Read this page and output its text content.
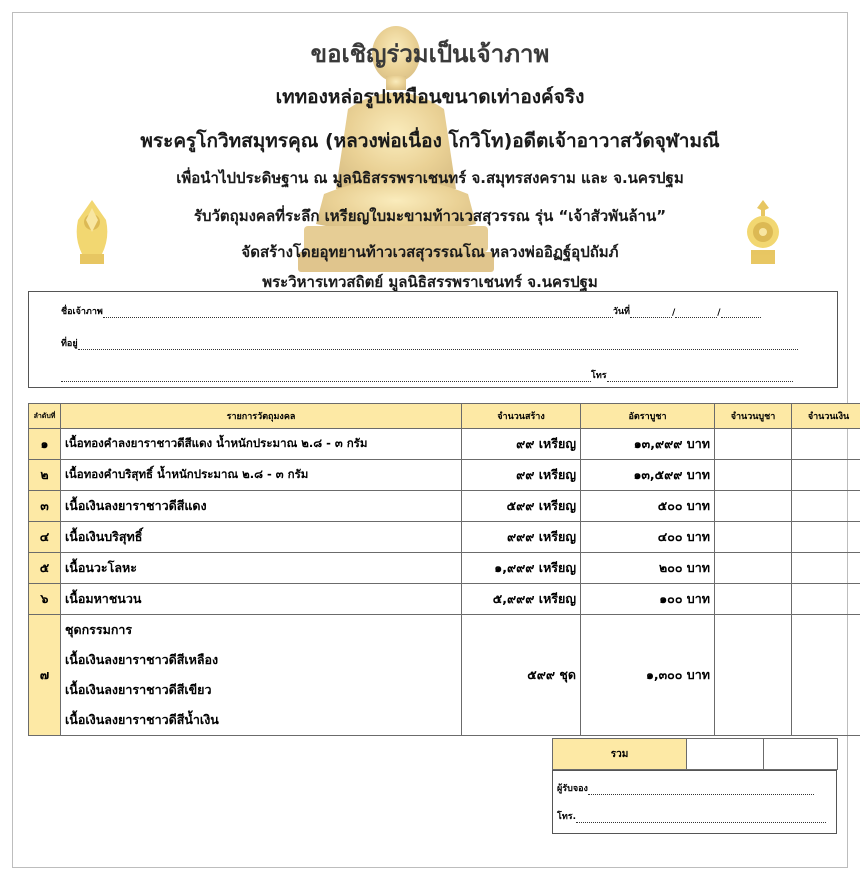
ขอเชิญร่วมเป็นเจ้าภาพ
เททองหล่อรูปเหมือนขนาดเท่าองค์จริง
พระครูโกวิทสมุทรคุณ (หลวงพ่อเนื่อง โกวิโท)อดีตเจ้าอาวาสวัดจุฬามณี
เพื่อนำไปประดิษฐาน ณ มูลนิธิสรรพราเชนทร์ จ.สมุทรสงคราม และ จ.นครปฐม
รับวัตถุมงคลที่ระลึก เหรียญใบมะขามท้าวเวสสุวรรณ รุ่น “เจ้าสัวพันล้าน”
จัดสร้างโดยอุทยานท้าวเวสสุวรรณโณ หลวงพ่ออิฏฐ์อุปถัมภ์
พระวิหารเทวสถิตย์ มูลนิธิสรรพราเชนทร์ จ.นครปฐม
ชื่อเจ้าภาพ	วันที่	/	/
ที่อยู่
โทร
ลำดับที่	รายการวัตถุมงคล	จำนวนสร้าง	อัตราบูชา	จำนวนบูชา	จำนวนเงิน
๑	เนื้อทองคำลงยาราชาวดีสีแดง น้ำหนักประมาณ ๒.๘ - ๓ กรัม	๙๙ เหรียญ	๑๓,๙๙๙ บาท		
๒	เนื้อทองคำบริสุทธิ์ น้ำหนักประมาณ ๒.๘ - ๓ กรัม	๙๙ เหรียญ	๑๓,๕๙๙ บาท		
๓	เนื้อเงินลงยาราชาวดีสีแดง	๕๙๙ เหรียญ	๕๐๐ บาท		
๔	เนื้อเงินบริสุทธิ์	๙๙๙ เหรียญ	๔๐๐ บาท		
๕	เนื้อนวะโลหะ	๑,๙๙๙ เหรียญ	๒๐๐ บาท		
๖	เนื้อมหาชนวน	๕,๙๙๙ เหรียญ	๑๐๐ บาท		
๗	ชุดกรรมการ
เนื้อเงินลงยาราชาวดีสีเหลือง
เนื้อเงินลงยาราชาวดีสีเขียว
เนื้อเงินลงยาราชาวดีสีน้ำเงิน	๕๙๙ ชุด	๑,๓๐๐ บาท		
รวม		
ผู้รับจอง
โทร.
